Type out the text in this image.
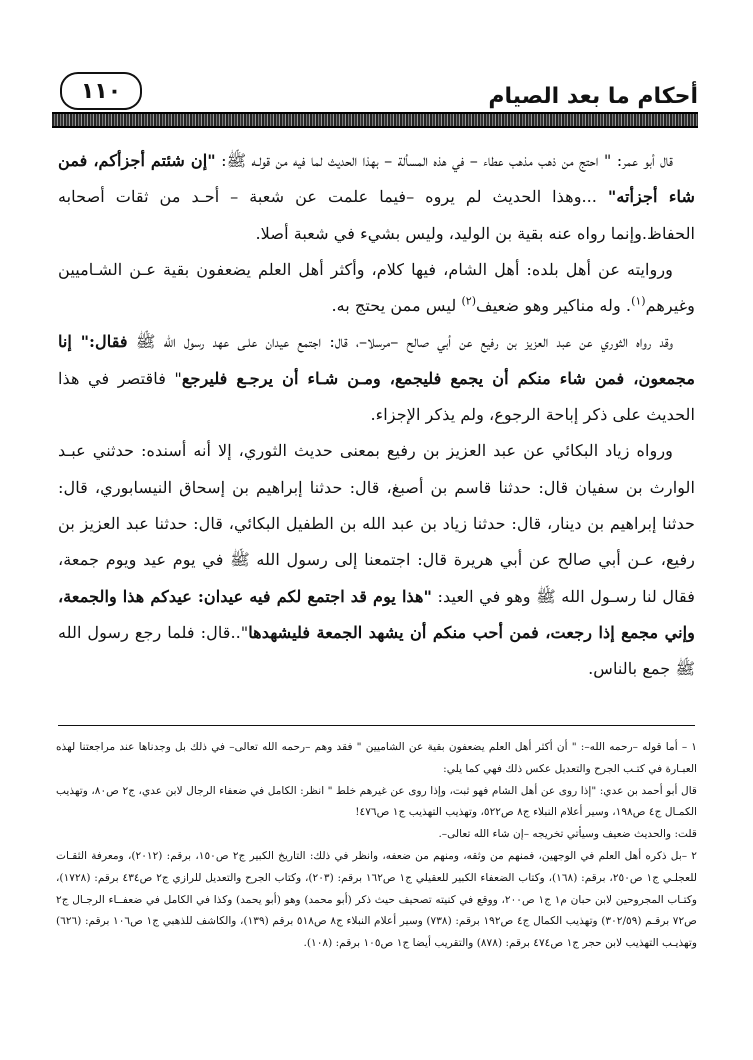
أحكام ما بعد الصيام
١١٠

قال أبو عمر: " احتج من ذهب مذهب عطاء – في هذه المسألة – بهذا الحديث لما فيه من قولـه ﷺ: "إن شئتم أجزأكم، فمن شاء أجزأته" ...وهذا الحديث لم يروه –فيما علمت عن شعبة – أحـد من ثقات أصحابه الحفاظ.وإنما رواه عنه بقية بن الوليد، وليس بشيء في شعبة أصلا.

وروايته عن أهل بلده: أهل الشام، فيها كلام، وأكثر أهل العلم يضعفون بقية عـن الشـاميين وغيرهم$^{(١)}$. وله مناكير وهو ضعيف$^{(٢)}$ ليس ممن يحتج به.

وقد رواه الثوري عن عبد العزيز بن رفيع عن أبي صالح –مرسلا–، قال: اجتمع عيدان علـى عهد رسول الله ﷺ فقال:" إنا مجمعون، فمن شاء منكم أن يجمع فليجمع، ومـن شـاء أن يرجـع فليرجع" فاقتصر في هذا الحديث على ذكر إباحة الرجوع، ولم يذكر الإجزاء.

ورواه زياد البكائي عن عبد العزيز بن رفيع بمعنى حديث الثوري، إلا أنه أسنده: حدثني عبـد الوارث بن سفيان قال: حدثنا قاسم بن أصبغ، قال: حدثنا إبراهيم بن إسحاق النيسابوري، قال: حدثنا إبراهيم بن دينار، قال: حدثنا زياد بن عبد الله بن الطفيل البكائي، قال: حدثنا عبد العزيز بن رفيع، عـن أبي صالح عن أبي هريرة قال: اجتمعنا إلى رسول الله ﷺ في يوم عيد ويوم جمعة، فقال لنا رسـول الله ﷺ وهو في العيد: "هذا يوم قد اجتمع لكم فيه عيدان: عيدكم هذا والجمعة، وإني مجمع إذا رجعت، فمن أحب منكم أن يشهد الجمعة فليشهدها"..قال: فلما رجع رسول الله ﷺ جمع بالناس.

١ – أما قوله –رحمه الله–: " أن أكثر أهل العلم يضعفون بقية عن الشاميين " فقد وهم –رحمه الله تعالى– في ذلك بل وجدناها عند مراجعتنا لهذه العبـارة في كتـب الجرح والتعديل عكس ذلك فهي كما يلي:

قال أبو أحمد بن عدي: "إذا روى عن أهل الشام فهو ثبت، وإذا روى عن غيرهم خلط " انظر: الكامل في ضعفاء الرجال لابن عدي، ج٢ ص٨٠، وتهذيب الكمـال ج٤ ص١٩٨، وسير أعلام النبلاء ج٨ ص٥٢٢، وتهذيب التهذيب ج١ ص٤٧٦!

قلت: والحديث ضعيف وسيأتي تخريجه –إن شاء الله تعالى–.

٢ –بل ذكره أهل العلم في الوجهين، فمنهم من وثقه، ومنهم من ضعفه، وانظر في ذلك: التاريخ الكبير ج٢ ص١٥٠، برقم: (٢٠١٢)، ومعرفة الثقـات للعجلـي ج١ ص٢٥٠، برقم: (١٦٨)، وكتاب الضعفاء الكبير للعقيلي ج١ ص١٦٢ برقم: (٢٠٣)، وكتاب الجرح والتعديل للرازي ج٢ ص٤٣٤ برقم: (١٧٢٨)، وكتـاب المجروحين لابن حبان م١ ج١ ص٢٠٠، ووقع في كنيته تصحيف حيث ذكر (أبو محمد) وهو (أبو يحمد) وكذا في الكامل في ضعفــاء الرجـال ج٢ ص٧٢ برقـم (٣٠٢/٥٩) وتهذيب الكمال ج٤ ص١٩٢ برقم: (٧٣٨) وسير أعلام النبلاء ج٨ ص٥١٨ برقم (١٣٩)، والكاشف للذهبي ج١ ص١٠٦ برقم: (٦٢٦) وتهذيـب التهذيب لابن حجر ج١ ص٤٧٤ برقم: (٨٧٨) والتقريب أيضا ج١ ص١٠٥ برقم: (١٠٨).
